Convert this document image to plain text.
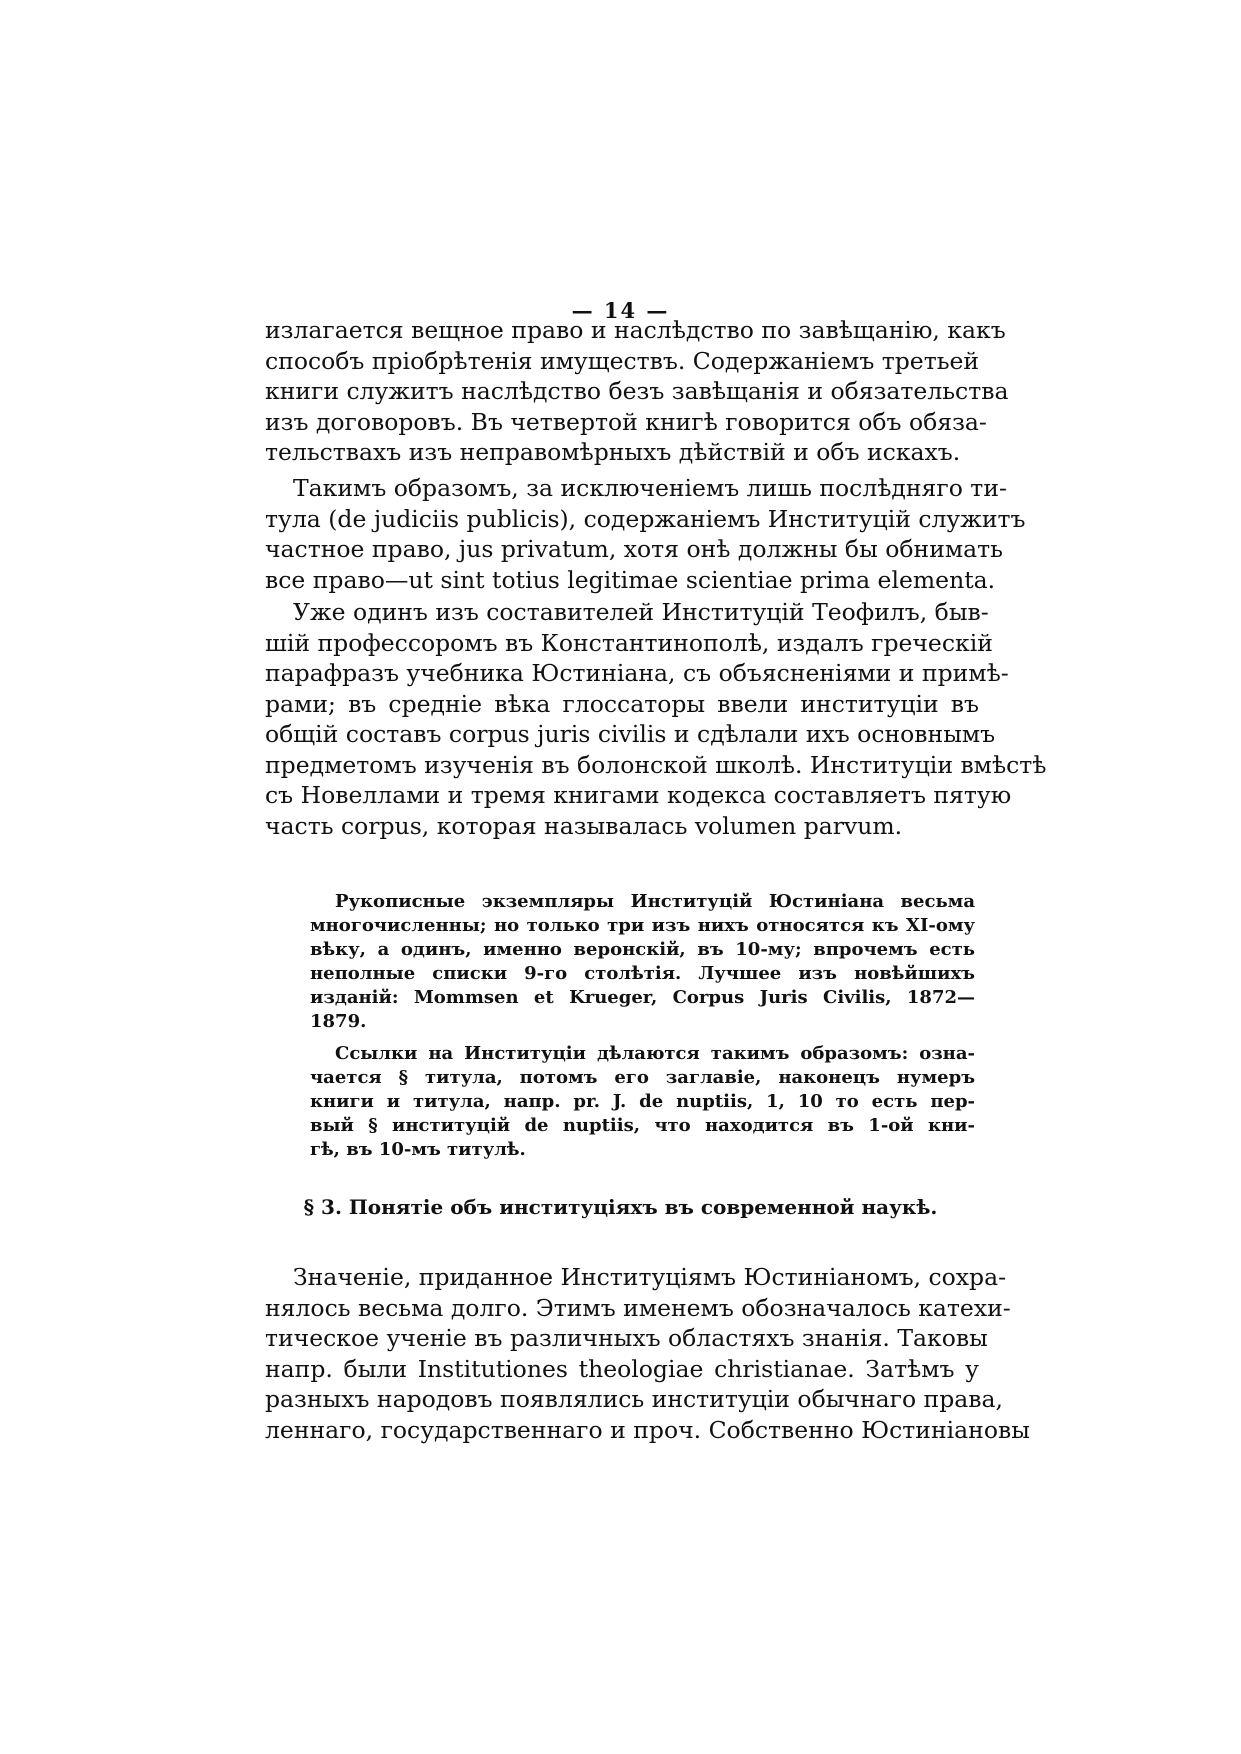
— 14 —
излагается вещное право и наслѣдство по завѣщанію, какъ
способъ пріобрѣтенія имуществъ. Содержаніемъ третьей
книги служитъ наслѣдство безъ завѣщанія и обязательства
изъ договоровъ. Въ четвертой книгѣ говорится объ обяза-
тельствахъ изъ неправомѣрныхъ дѣйствій и объ искахъ.
Такимъ образомъ, за исключеніемъ лишь послѣдняго ти-
тула (de judiciis publicis), содержаніемъ Институцій служитъ
частное право, jus privatum, хотя онѣ должны бы обнимать
все право—ut sint totius legitimae scientiae prima elementa.
Уже одинъ изъ составителей Институцій Теофилъ, быв-
шій профессоромъ въ Константинополѣ, издалъ греческій
парафразъ учебника Юстиніана, съ объясненіями и примѣ-
рами; въ средніе вѣка глоссаторы ввели институціи въ
общій составъ corpus juris civilis и сдѣлали ихъ основнымъ
предметомъ изученія въ болонской школѣ. Институціи вмѣстѣ
съ Новеллами и тремя книгами кодекса составляетъ пятую
часть corpus, которая называлась volumen parvum.
Рукописные экземпляры Институцій Юстиніана весьма
многочисленны; но только три изъ нихъ относятся къ XI-ому
вѣку, а одинъ, именно веронскій, въ 10-му; впрочемъ есть
неполные списки 9-го столѣтія. Лучшее изъ новѣйшихъ
изданій: Mommsen et Krueger, Corpus Juris Civilis, 1872—
1879.
Ссылки на Институціи дѣлаются такимъ образомъ: озна-
чается § титула, потомъ его заглавіе, наконецъ нумеръ
книги и титула, напр. pr. J. de nuptiis, 1, 10 то есть пер-
вый § институцій de nuptiis, что находится въ 1-ой кни-
гѣ, въ 10-мъ титулѣ.
§ 3. Понятіе объ институціяхъ въ современной наукѣ.
Значеніе, приданное Институціямъ Юстиніаномъ, сохра-
нялось весьма долго. Этимъ именемъ обозначалось катехи-
тическое ученіе въ различныхъ областяхъ знанія. Таковы
напр. были Institutiones theologiae christianae. Затѣмъ у
разныхъ народовъ появлялись институціи обычнаго права,
леннаго, государственнаго и проч. Собственно Юстиніановы
